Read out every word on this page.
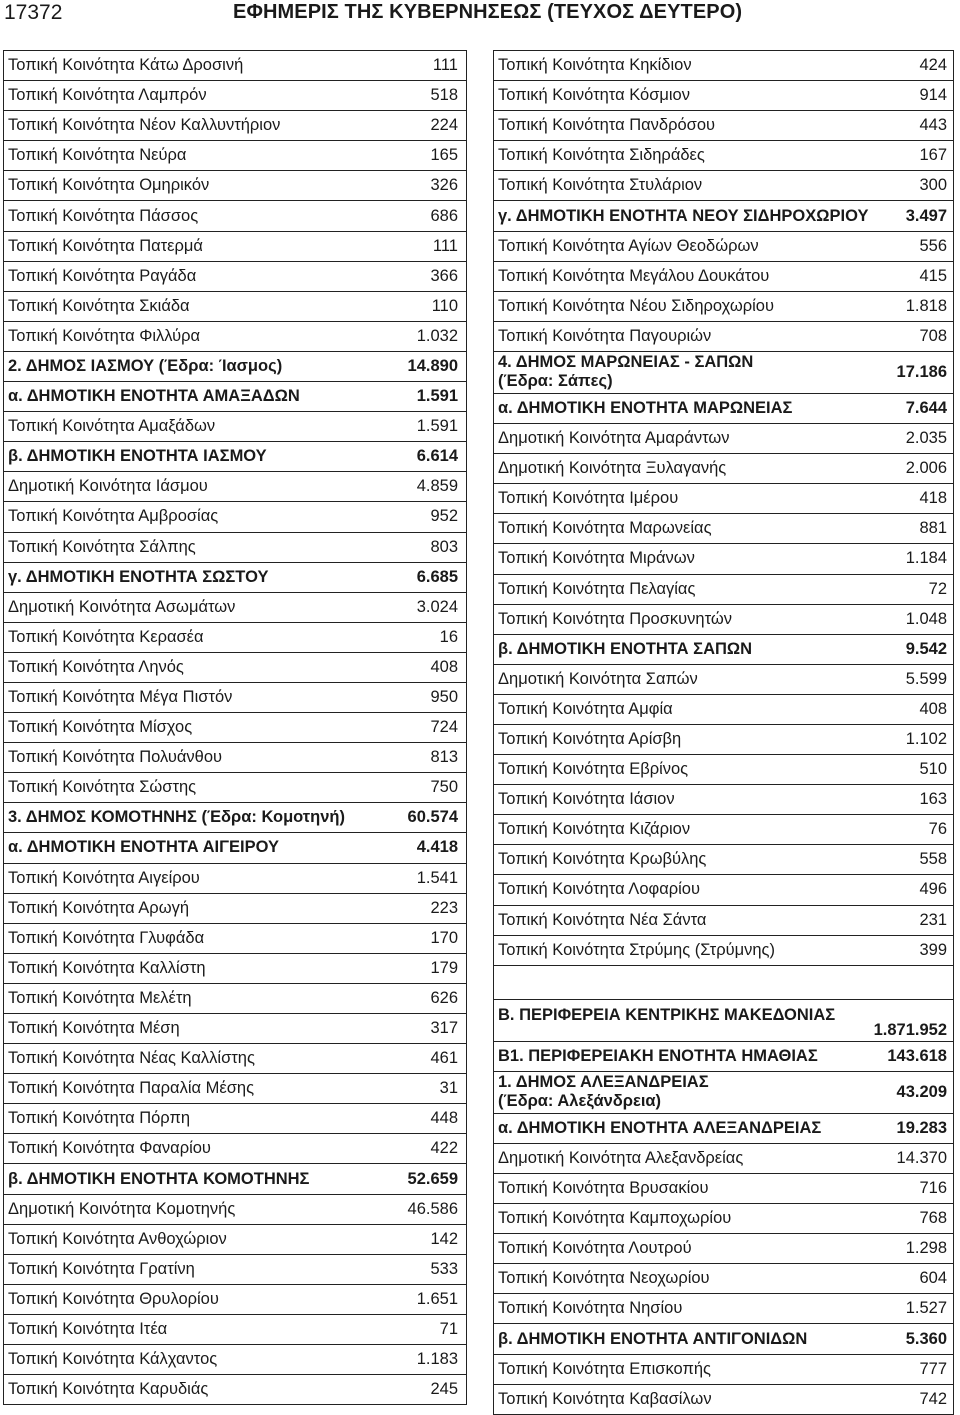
17372	ΕΦΗΜΕΡΙΣ ΤΗΣ ΚΥΒΕΡΝΗΣΕΩΣ (ΤΕΥΧΟΣ ΔΕΥΤΕΡΟ)
Τοπική Κοινότητα Κάτω Δροσινή	111
Τοπική Κοινότητα Λαμπρόν	518
Τοπική Κοινότητα Νέον Καλλυντήριον	224
Τοπική Κοινότητα Νεύρα	165
Τοπική Κοινότητα Ομηρικόν	326
Τοπική Κοινότητα Πάσσος	686
Τοπική Κοινότητα Πατερμά	111
Τοπική Κοινότητα Ραγάδα	366
Τοπική Κοινότητα Σκιάδα	110
Τοπική Κοινότητα Φιλλύρα	1.032
2. ΔΗΜΟΣ ΙΑΣΜΟΥ (Έδρα: Ίασμος)	14.890
α. ΔΗΜΟΤΙΚΗ ΕΝΟΤΗΤΑ ΑΜΑΞΑΔΩΝ	1.591
Τοπική Κοινότητα Αμαξάδων	1.591
β. ΔΗΜΟΤΙΚΗ ΕΝΟΤΗΤΑ ΙΑΣΜΟΥ	6.614
Δημοτική Κοινότητα Ιάσμου	4.859
Τοπική Κοινότητα Αμβροσίας	952
Τοπική Κοινότητα Σάλπης	803
γ. ΔΗΜΟΤΙΚΗ ΕΝΟΤΗΤΑ ΣΩΣΤΟΥ	6.685
Δημοτική Κοινότητα Ασωμάτων	3.024
Τοπική Κοινότητα Κερασέα	16
Τοπική Κοινότητα Ληνός	408
Τοπική Κοινότητα Μέγα Πιστόν	950
Τοπική Κοινότητα Μίσχος	724
Τοπική Κοινότητα Πολυάνθου	813
Τοπική Κοινότητα Σώστης	750
3. ΔΗΜΟΣ ΚΟΜΟΤΗΝΗΣ (Έδρα: Κομοτηνή)	60.574
α. ΔΗΜΟΤΙΚΗ ΕΝΟΤΗΤΑ ΑΙΓΕΙΡΟΥ	4.418
Τοπική Κοινότητα Αιγείρου	1.541
Τοπική Κοινότητα Αρωγή	223
Τοπική Κοινότητα Γλυφάδα	170
Τοπική Κοινότητα Καλλίστη	179
Τοπική Κοινότητα Μελέτη	626
Τοπική Κοινότητα Μέση	317
Τοπική Κοινότητα Νέας Καλλίστης	461
Τοπική Κοινότητα Παραλία Μέσης	31
Τοπική Κοινότητα Πόρπη	448
Τοπική Κοινότητα Φαναρίου	422
β. ΔΗΜΟΤΙΚΗ ΕΝΟΤΗΤΑ ΚΟΜΟΤΗΝΗΣ	52.659
Δημοτική Κοινότητα Κομοτηνής	46.586
Τοπική Κοινότητα Ανθοχώριον	142
Τοπική Κοινότητα Γρατίνη	533
Τοπική Κοινότητα Θρυλορίου	1.651
Τοπική Κοινότητα Ιτέα	71
Τοπική Κοινότητα Κάλχαντος	1.183
Τοπική Κοινότητα Καρυδιάς	245
Τοπική Κοινότητα Κηκίδιον	424
Τοπική Κοινότητα Κόσμιον	914
Τοπική Κοινότητα Πανδρόσου	443
Τοπική Κοινότητα Σιδηράδες	167
Τοπική Κοινότητα Στυλάριον	300
γ. ΔΗΜΟΤΙΚΗ ΕΝΟΤΗΤΑ ΝΕΟΥ ΣΙΔΗΡΟΧΩΡΙΟΥ	3.497
Τοπική Κοινότητα Αγίων Θεοδώρων	556
Τοπική Κοινότητα Μεγάλου Δουκάτου	415
Τοπική Κοινότητα Νέου Σιδηροχωρίου	1.818
Τοπική Κοινότητα Παγουριών	708
4. ΔΗΜΟΣ ΜΑΡΩΝΕΙΑΣ - ΣΑΠΩΝ
(Έδρα: Σάπες)
17.186
α. ΔΗΜΟΤΙΚΗ ΕΝΟΤΗΤΑ ΜΑΡΩΝΕΙΑΣ	7.644
Δημοτική Κοινότητα Αμαράντων	2.035
Δημοτική Κοινότητα Ξυλαγανής	2.006
Τοπική Κοινότητα Ιμέρου	418
Τοπική Κοινότητα Μαρωνείας	881
Τοπική Κοινότητα Μιράνων	1.184
Τοπική Κοινότητα Πελαγίας	72
Τοπική Κοινότητα Προσκυνητών	1.048
β. ΔΗΜΟΤΙΚΗ ΕΝΟΤΗΤΑ ΣΑΠΩΝ	9.542
Δημοτική Κοινότητα Σαπών	5.599
Τοπική Κοινότητα Αμφία	408
Τοπική Κοινότητα Αρίσβη	1.102
Τοπική Κοινότητα Εβρίνος	510
Τοπική Κοινότητα Ιάσιον	163
Τοπική Κοινότητα Κιζάριον	76
Τοπική Κοινότητα Κρωβύλης	558
Τοπική Κοινότητα Λοφαρίου	496
Τοπική Κοινότητα Νέα Σάντα	231
Τοπική Κοινότητα Στρύμης (Στρύμνης)	399
Β. ΠΕΡΙΦΕΡΕΙΑ ΚΕΝΤΡΙΚΗΣ ΜΑΚΕΔΟΝΙΑΣ
1.871.952
Β1. ΠΕΡΙΦΕΡΕΙΑΚΗ ΕΝΟΤΗΤΑ ΗΜΑΘΙΑΣ	143.618
1. ΔΗΜΟΣ ΑΛΕΞΑΝΔΡΕΙΑΣ
(Έδρα: Αλεξάνδρεια)
43.209
α. ΔΗΜΟΤΙΚΗ ΕΝΟΤΗΤΑ ΑΛΕΞΑΝΔΡΕΙΑΣ	19.283
Δημοτική Κοινότητα Αλεξανδρείας	14.370
Τοπική Κοινότητα Βρυσακίου	716
Τοπική Κοινότητα Καμποχωρίου	768
Τοπική Κοινότητα Λουτρού	1.298
Τοπική Κοινότητα Νεοχωρίου	604
Τοπική Κοινότητα Νησίου	1.527
β. ΔΗΜΟΤΙΚΗ ΕΝΟΤΗΤΑ ΑΝΤΙΓΟΝΙΔΩΝ	5.360
Τοπική Κοινότητα Επισκοπής	777
Τοπική Κοινότητα Καβασίλων	742
